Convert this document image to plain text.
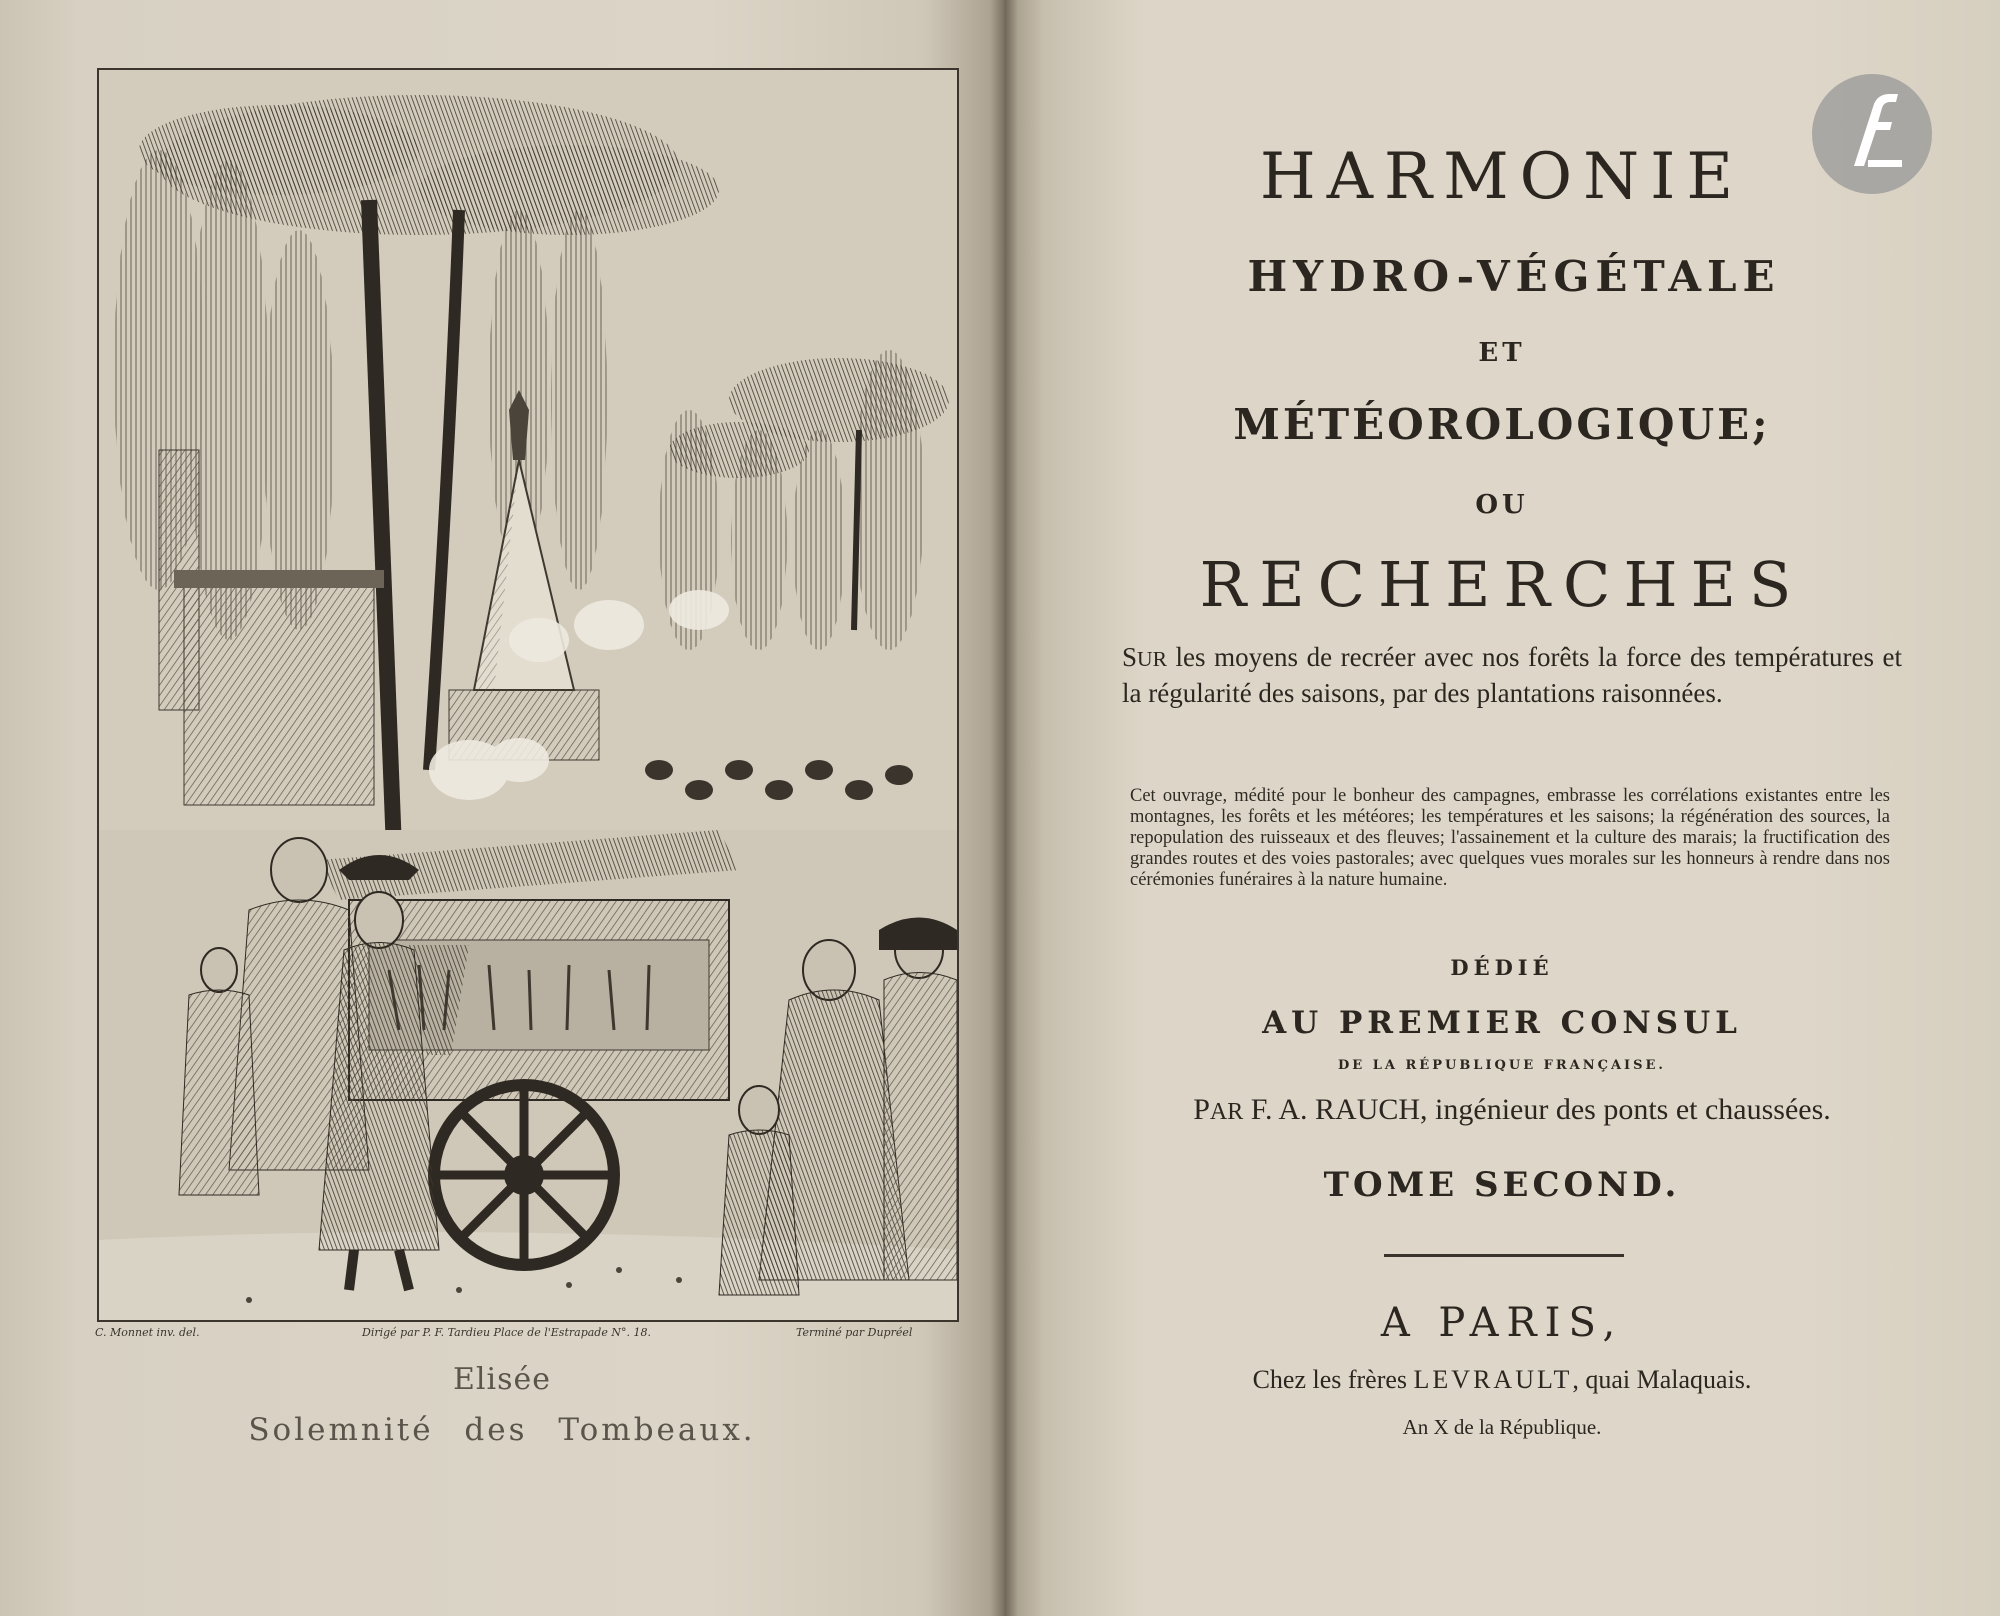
C. Monnet inv. del.	Dirigé par P. F. Tardieu Place de l'Estrapade N°. 18.	Terminé par Dupréel
Elisée
Solemnité des Tombeaux.
HARMONIE
HYDRO-VÉGÉTALE
ET
MÉTÉOROLOGIQUE;
OU
RECHERCHES
SUR les moyens de recréer avec nos forêts la force des températures et la régularité des saisons, par des plantations raisonnées.
Cet ouvrage, médité pour le bonheur des campagnes, embrasse les corrélations existantes entre les montagnes, les forêts et les météores; les températures et les saisons; la régénération des sources, la repopulation des ruisseaux et des fleuves; l'assainement et la culture des marais; la fructification des grandes routes et des voies pastorales; avec quelques vues morales sur les honneurs à rendre dans nos cérémonies funéraires à la nature humaine.
DÉDIÉ
AU PREMIER CONSUL
DE LA RÉPUBLIQUE FRANÇAISE.
PAR F. A. RAUCH, ingénieur des ponts et chaussées.
TOME SECOND.
A PARIS,
Chez les frères LEVRAULT, quai Malaquais.
An X de la République.
